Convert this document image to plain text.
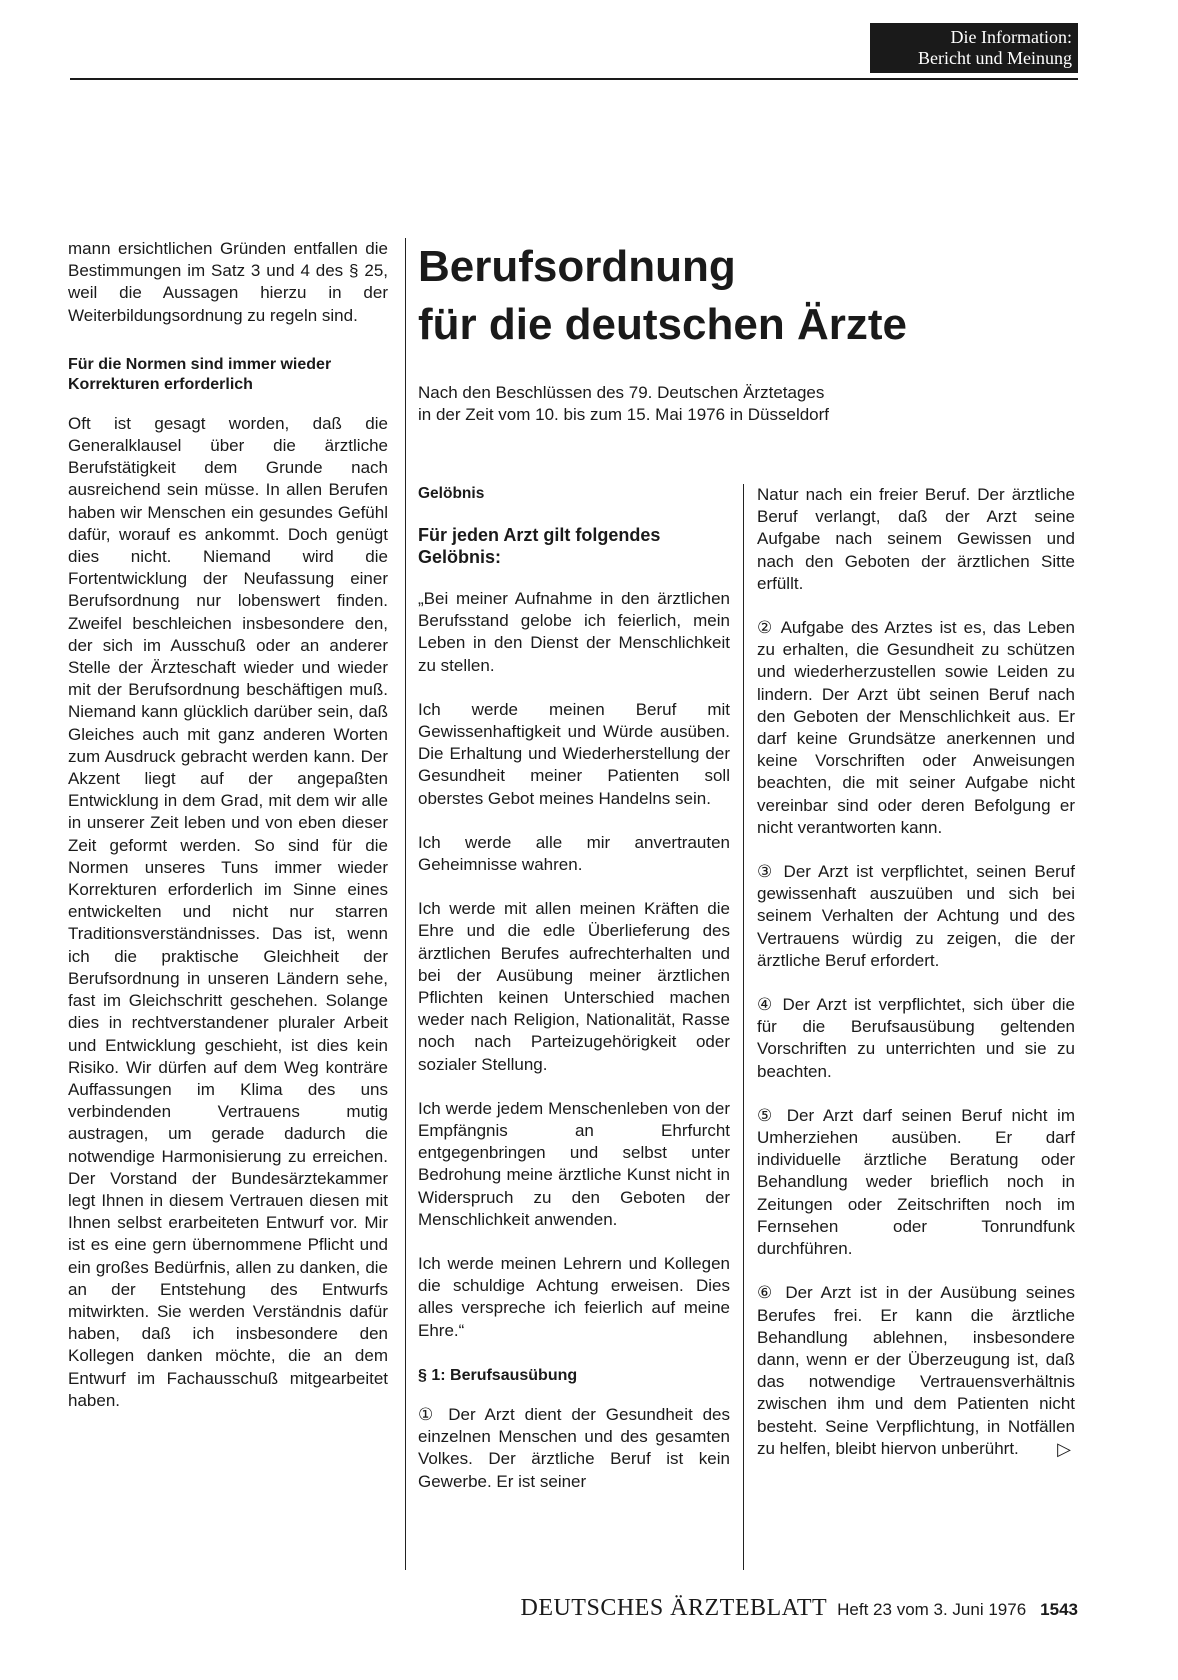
Die Information:
Bericht und Meinung

mann ersichtlichen Gründen entfallen die Bestimmungen im Satz 3 und 4 des § 25, weil die Aussagen hierzu in der Weiterbildungsordnung zu regeln sind.

Für die Normen sind immer wieder Korrekturen erforderlich

Oft ist gesagt worden, daß die Generalklausel über die ärztliche Berufstätigkeit dem Grunde nach ausreichend sein müsse. In allen Berufen haben wir Menschen ein gesundes Gefühl dafür, worauf es ankommt. Doch genügt dies nicht. Niemand wird die Fortentwicklung der Neufassung einer Berufsordnung nur lobenswert finden. Zweifel beschleichen insbesondere den, der sich im Ausschuß oder an anderer Stelle der Ärzteschaft wieder und wieder mit der Berufsordnung beschäftigen muß. Niemand kann glücklich darüber sein, daß Gleiches auch mit ganz anderen Worten zum Ausdruck gebracht werden kann. Der Akzent liegt auf der angepaßten Entwicklung in dem Grad, mit dem wir alle in unserer Zeit leben und von eben dieser Zeit geformt werden. So sind für die Normen unseres Tuns immer wieder Korrekturen erforderlich im Sinne eines entwickelten und nicht nur starren Traditionsverständnisses. Das ist, wenn ich die praktische Gleichheit der Berufsordnung in unseren Ländern sehe, fast im Gleichschritt geschehen. Solange dies in rechtverstandener pluraler Arbeit und Entwicklung geschieht, ist dies kein Risiko. Wir dürfen auf dem Weg konträre Auffassungen im Klima des uns verbindenden Vertrauens mutig austragen, um gerade dadurch die notwendige Harmonisierung zu erreichen. Der Vorstand der Bundesärztekammer legt Ihnen in diesem Vertrauen diesen mit Ihnen selbst erarbeiteten Entwurf vor. Mir ist es eine gern übernommene Pflicht und ein großes Bedürfnis, allen zu danken, die an der Entstehung des Entwurfs mitwirkten. Sie werden Verständnis dafür haben, daß ich insbesondere den Kollegen danken möchte, die an dem Entwurf im Fachausschuß mitgearbeitet haben.

Berufsordnung
für die deutschen Ärzte
Nach den Beschlüssen des 79. Deutschen Ärztetages
in der Zeit vom 10. bis zum 15. Mai 1976 in Düsseldorf
Gelöbnis
Für jeden Arzt gilt folgendes Gelöbnis:

„Bei meiner Aufnahme in den ärztlichen Berufsstand gelobe ich feierlich, mein Leben in den Dienst der Menschlichkeit zu stellen.

Ich werde meinen Beruf mit Gewissenhaftigkeit und Würde ausüben. Die Erhaltung und Wiederherstellung der Gesundheit meiner Patienten soll oberstes Gebot meines Handelns sein.

Ich werde alle mir anvertrauten Geheimnisse wahren.

Ich werde mit allen meinen Kräften die Ehre und die edle Überlieferung des ärztlichen Berufes aufrechterhalten und bei der Ausübung meiner ärztlichen Pflichten keinen Unterschied machen weder nach Religion, Nationalität, Rasse noch nach Parteizugehörigkeit oder sozialer Stellung.

Ich werde jedem Menschenleben von der Empfängnis an Ehrfurcht entgegenbringen und selbst unter Bedrohung meine ärztliche Kunst nicht in Widerspruch zu den Geboten der Menschlichkeit anwenden.

Ich werde meinen Lehrern und Kollegen die schuldige Achtung erweisen. Dies alles verspreche ich feierlich auf meine Ehre.“

§ 1: Berufsausübung

① Der Arzt dient der Gesundheit des einzelnen Menschen und des gesamten Volkes. Der ärztliche Beruf ist kein Gewerbe. Er ist seiner

Natur nach ein freier Beruf. Der ärztliche Beruf verlangt, daß der Arzt seine Aufgabe nach seinem Gewissen und nach den Geboten der ärztlichen Sitte erfüllt.

② Aufgabe des Arztes ist es, das Leben zu erhalten, die Gesundheit zu schützen und wiederherzustellen sowie Leiden zu lindern. Der Arzt übt seinen Beruf nach den Geboten der Menschlichkeit aus. Er darf keine Grundsätze anerkennen und keine Vorschriften oder Anweisungen beachten, die mit seiner Aufgabe nicht vereinbar sind oder deren Befolgung er nicht verantworten kann.

③ Der Arzt ist verpflichtet, seinen Beruf gewissenhaft auszuüben und sich bei seinem Verhalten der Achtung und des Vertrauens würdig zu zeigen, die der ärztliche Beruf erfordert.

④ Der Arzt ist verpflichtet, sich über die für die Berufsausübung geltenden Vorschriften zu unterrichten und sie zu beachten.

⑤ Der Arzt darf seinen Beruf nicht im Umherziehen ausüben. Er darf individuelle ärztliche Beratung oder Behandlung weder brieflich noch in Zeitungen oder Zeitschriften noch im Fernsehen oder Tonrundfunk durchführen.

⑥ Der Arzt ist in der Ausübung seines Berufes frei. Er kann die ärztliche Behandlung ablehnen, insbesondere dann, wenn er der Überzeugung ist, daß das notwendige Vertrauensverhältnis zwischen ihm und dem Patienten nicht besteht. Seine Verpflichtung, in Notfällen zu helfen, bleibt hiervon unberührt.	▷
DEUTSCHES ÄRZTEBLATT Heft 23 vom 3. Juni 1976 1543
